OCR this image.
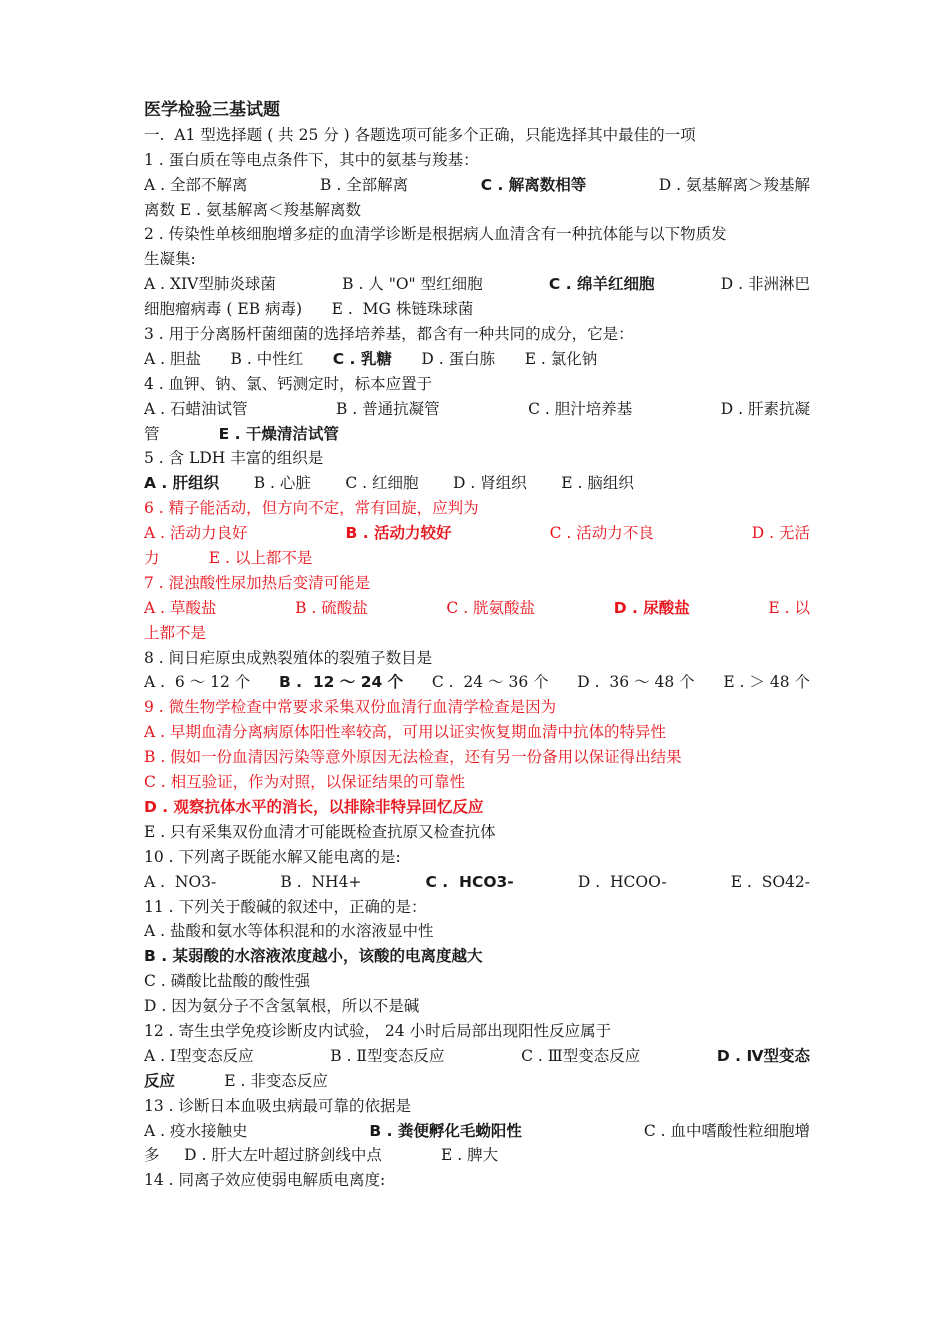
医学检验三基试题
一.  A1 型选择题 ( 共 25 分 ) 各题选项可能多个正确，只能选择其中最佳的一项
1 . 蛋白质在等电点条件下，其中的氨基与羧基：
A . 全部不解离	B . 全部解离	C . 解离数相等	D . 氨基解离＞羧基解
离数 E . 氨基解离＜羧基解离数
2 . 传染性单核细胞增多症的血清学诊断是根据病人血清含有一种抗体能与以下物质发
生凝集:
A . XIV型肺炎球菌	B . 人 "O" 型红细胞	C . 绵羊红细胞	D . 非洲淋巴
细胞瘤病毒 ( EB 病毒)      E .  MG 株链珠球菌
3 . 用于分离肠杆菌细菌的选择培养基，都含有一种共同的成分，它是：
A . 胆盐 B . 中性红 C . 乳糖 D . 蛋白胨 E . 氯化钠
4 . 血钾、钠、氯、钙测定时，标本应置于
A . 石蜡油试管	B . 普通抗凝管	C . 胆汁培养基	D . 肝素抗凝
管	E . 干燥清洁试管
5 . 含 LDH 丰富的组织是
A . 肝组织 B . 心脏 C . 红细胞 D . 肾组织 E . 脑组织
6 . 精子能活动，但方向不定，常有回旋，应判为
A . 活动力良好	B . 活动力较好	C . 活动力不良	D . 无活
力	E . 以上都不是
7 . 混浊酸性尿加热后变清可能是
A . 草酸盐	B . 硫酸盐	C . 胱氨酸盐	D . 尿酸盐	E . 以
上都不是
8 . 间日疟原虫成熟裂殖体的裂殖子数目是
A .  6 ～ 12 个 B .  12 ～ 24 个 C .  24 ～ 36 个 D .  36 ～ 48 个 E . ＞ 48 个
9 . 微生物学检查中常要求采集双份血清行血清学检查是因为
A . 早期血清分离病原体阳性率较高，可用以证实恢复期血清中抗体的特异性
B . 假如一份血清因污染等意外原因无法检查，还有另一份备用以保证得出结果
C . 相互验证，作为对照，以保证结果的可靠性
D . 观察抗体水平的消长，以排除非特异回忆反应
E . 只有采集双份血清才可能既检查抗原又检查抗体
10 . 下列离子既能水解又能电离的是:
A .  NO3-	B .  NH4+	C .  HCO3-	D .  HCOO-	E .  SO42-
11 . 下列关于酸碱的叙述中，正确的是：
A . 盐酸和氨水等体积混和的水溶液显中性
B . 某弱酸的水溶液浓度越小，该酸的电离度越大
C . 磷酸比盐酸的酸性强
D . 因为氨分子不含氢氧根，所以不是碱
12 . 寄生虫学免疫诊断皮内试验， 24 小时后局部出现阳性反应属于
A . Ⅰ型变态反应	B . Ⅱ型变态反应	C . Ⅲ型变态反应	D . Ⅳ型变态
反应	E . 非变态反应
13 . 诊断日本血吸虫病最可靠的依据是
A . 疫水接触史	B . 粪便孵化毛蚴阳性	C . 血中嗜酸性粒细胞增
多 D . 肝大左叶超过脐剑线中点	E . 脾大
14 . 同离子效应使弱电解质电离度:
